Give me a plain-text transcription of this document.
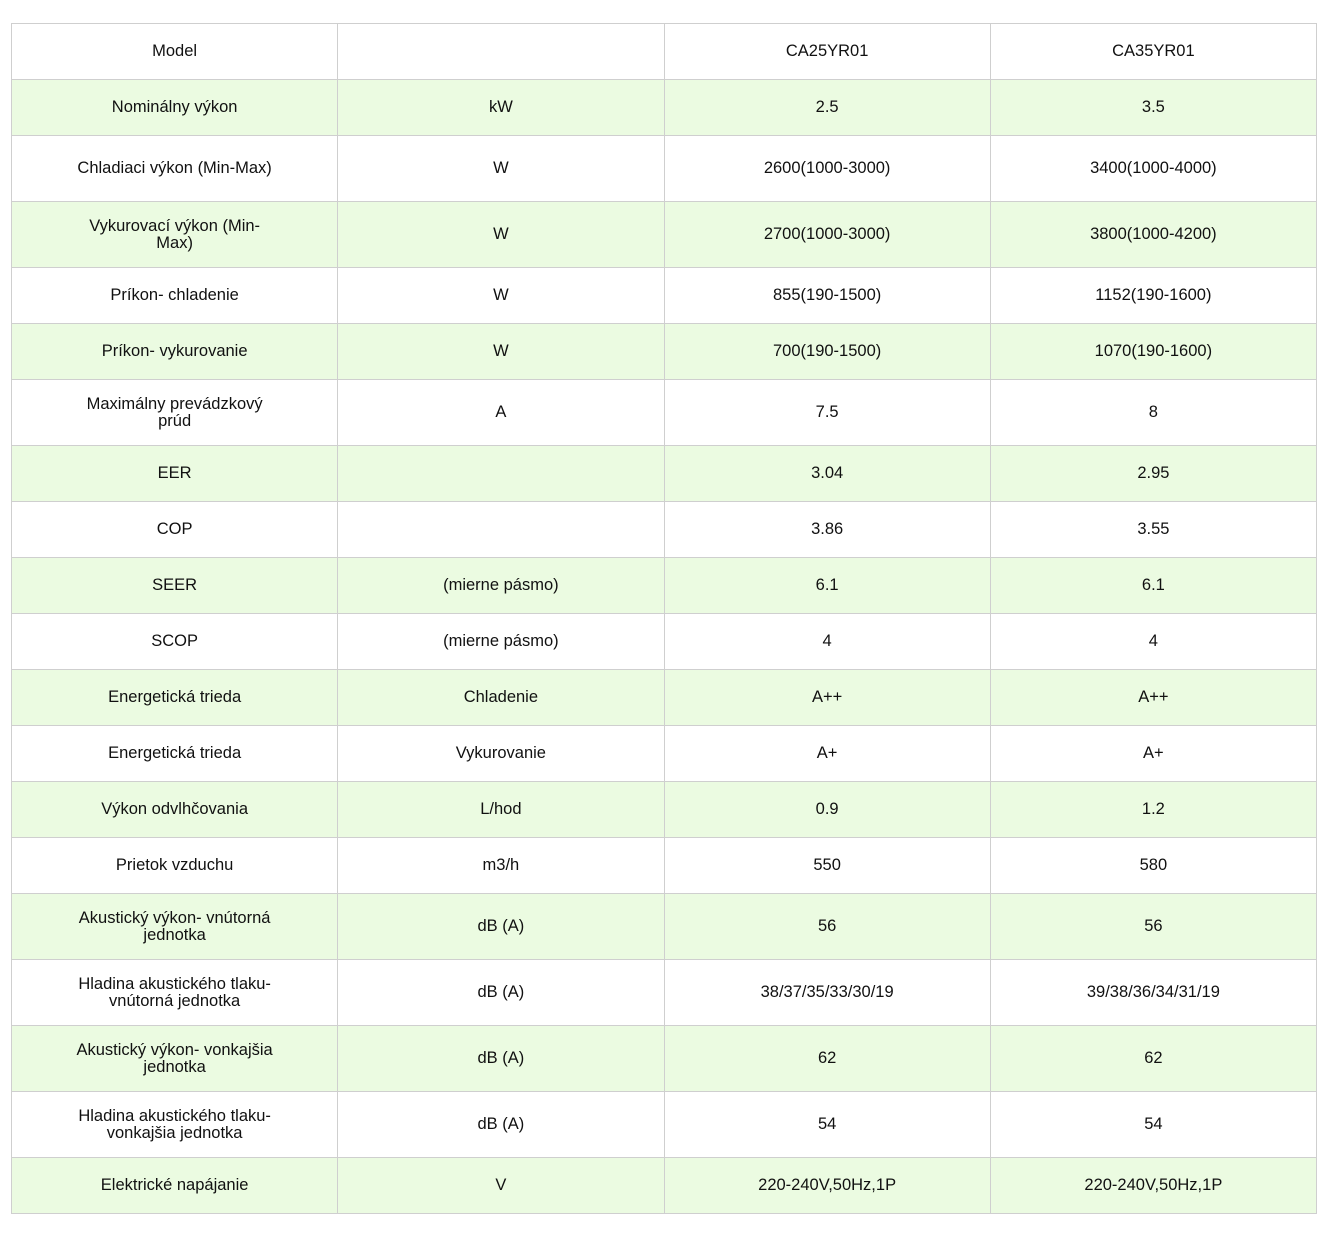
Model		CA25YR01	CA35YR01
Nominálny výkon	kW	2.5	3.5
Chladiaci výkon (Min-Max)	W	2600(1000-3000)	3400(1000-4000)
Vykurovací výkon (Min-Max)	W	2700(1000-3000)	3800(1000-4200)
Príkon- chladenie	W	855(190-1500)	1152(190-1600)
Príkon- vykurovanie	W	700(190-1500)	1070(190-1600)
Maximálny prevádzkový prúd	A	7.5	8
EER		3.04	2.95
COP		3.86	3.55
SEER	(mierne pásmo)	6.1	6.1
SCOP	(mierne pásmo)	4	4
Energetická trieda	Chladenie	A++	A++
Energetická trieda	Vykurovanie	A+	A+
Výkon odvlhčovania	L/hod	0.9	1.2
Prietok vzduchu	m3/h	550	580
Akustický výkon- vnútorná jednotka	dB (A)	56	56
Hladina akustického tlaku- vnútorná jednotka	dB (A)	38/37/35/33/30/19	39/38/36/34/31/19
Akustický výkon- vonkajšia jednotka	dB (A)	62	62
Hladina akustického tlaku- vonkajšia jednotka	dB (A)	54	54
Elektrické napájanie	V	220-240V,50Hz,1P	220-240V,50Hz,1P
